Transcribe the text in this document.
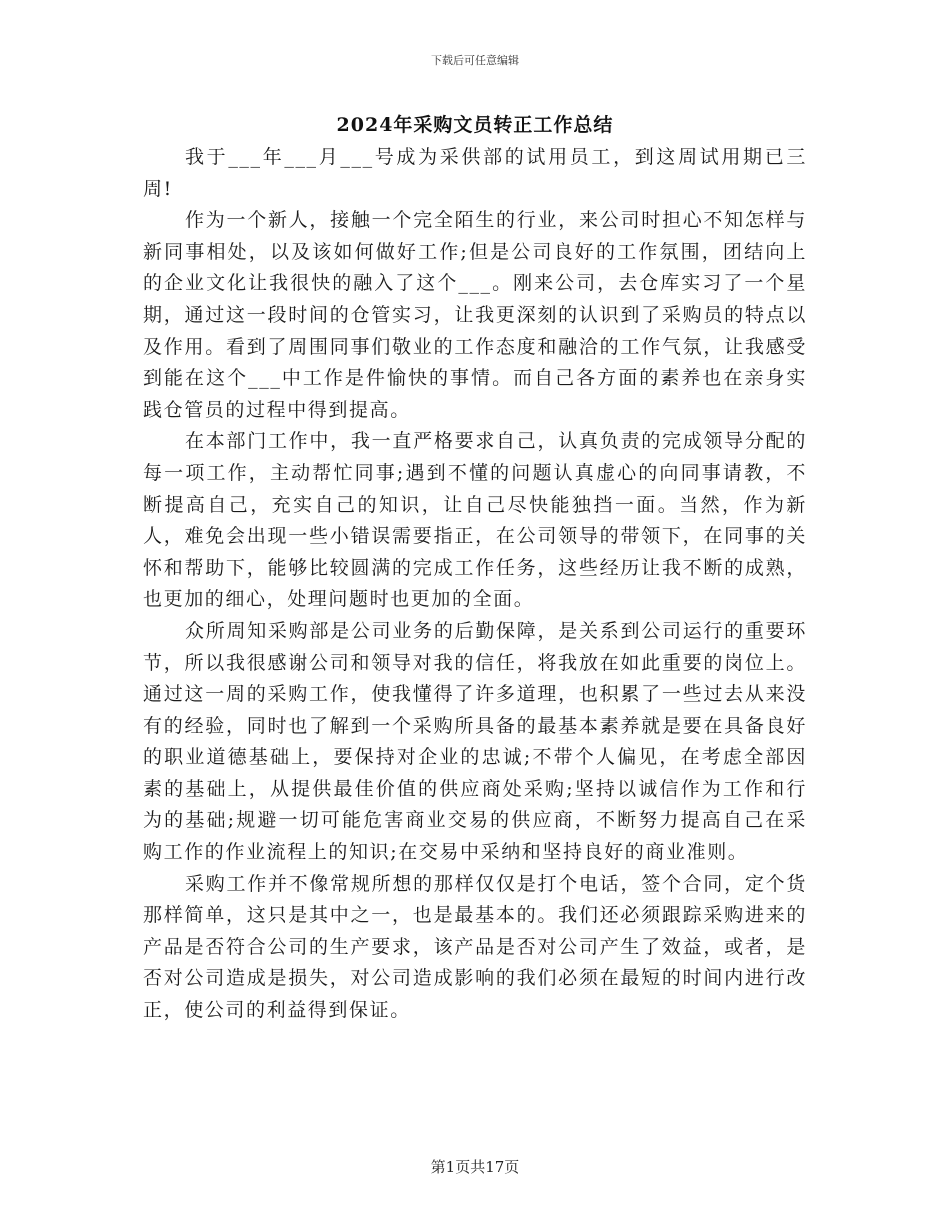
下载后可任意编辑
2024年采购文员转正工作总结

我于___年___月___号成为采供部的试用员工，到这周试用期已三周!

作为一个新人，接触一个完全陌生的行业，来公司时担心不知怎样与新同事相处，以及该如何做好工作;但是公司良好的工作氛围，团结向上的企业文化让我很快的融入了这个___。刚来公司，去仓库实习了一个星期，通过这一段时间的仓管实习，让我更深刻的认识到了采购员的特点以及作用。看到了周围同事们敬业的工作态度和融洽的工作气氛，让我感受到能在这个___中工作是件愉快的事情。而自己各方面的素养也在亲身实践仓管员的过程中得到提高。

在本部门工作中，我一直严格要求自己，认真负责的完成领导分配的每一项工作，主动帮忙同事;遇到不懂的问题认真虚心的向同事请教，不断提高自己，充实自己的知识，让自己尽快能独挡一面。当然，作为新人，难免会出现一些小错误需要指正，在公司领导的带领下，在同事的关怀和帮助下，能够比较圆满的完成工作任务，这些经历让我不断的成熟，也更加的细心，处理问题时也更加的全面。

众所周知采购部是公司业务的后勤保障，是关系到公司运行的重要环节，所以我很感谢公司和领导对我的信任，将我放在如此重要的岗位上。通过这一周的采购工作，使我懂得了许多道理，也积累了一些过去从来没有的经验，同时也了解到一个采购所具备的最基本素养就是要在具备良好的职业道德基础上，要保持对企业的忠诚;不带个人偏见，在考虑全部因素的基础上，从提供最佳价值的供应商处采购;坚持以诚信作为工作和行为的基础;规避一切可能危害商业交易的供应商，不断努力提高自己在采购工作的作业流程上的知识;在交易中采纳和坚持良好的商业准则。

采购工作并不像常规所想的那样仅仅是打个电话，签个合同，定个货那样简单，这只是其中之一，也是最基本的。我们还必须跟踪采购进来的产品是否符合公司的生产要求，该产品是否对公司产生了效益，或者，是否对公司造成是损失，对公司造成影响的我们必须在最短的时间内进行改正，使公司的利益得到保证。

第1页共17页
